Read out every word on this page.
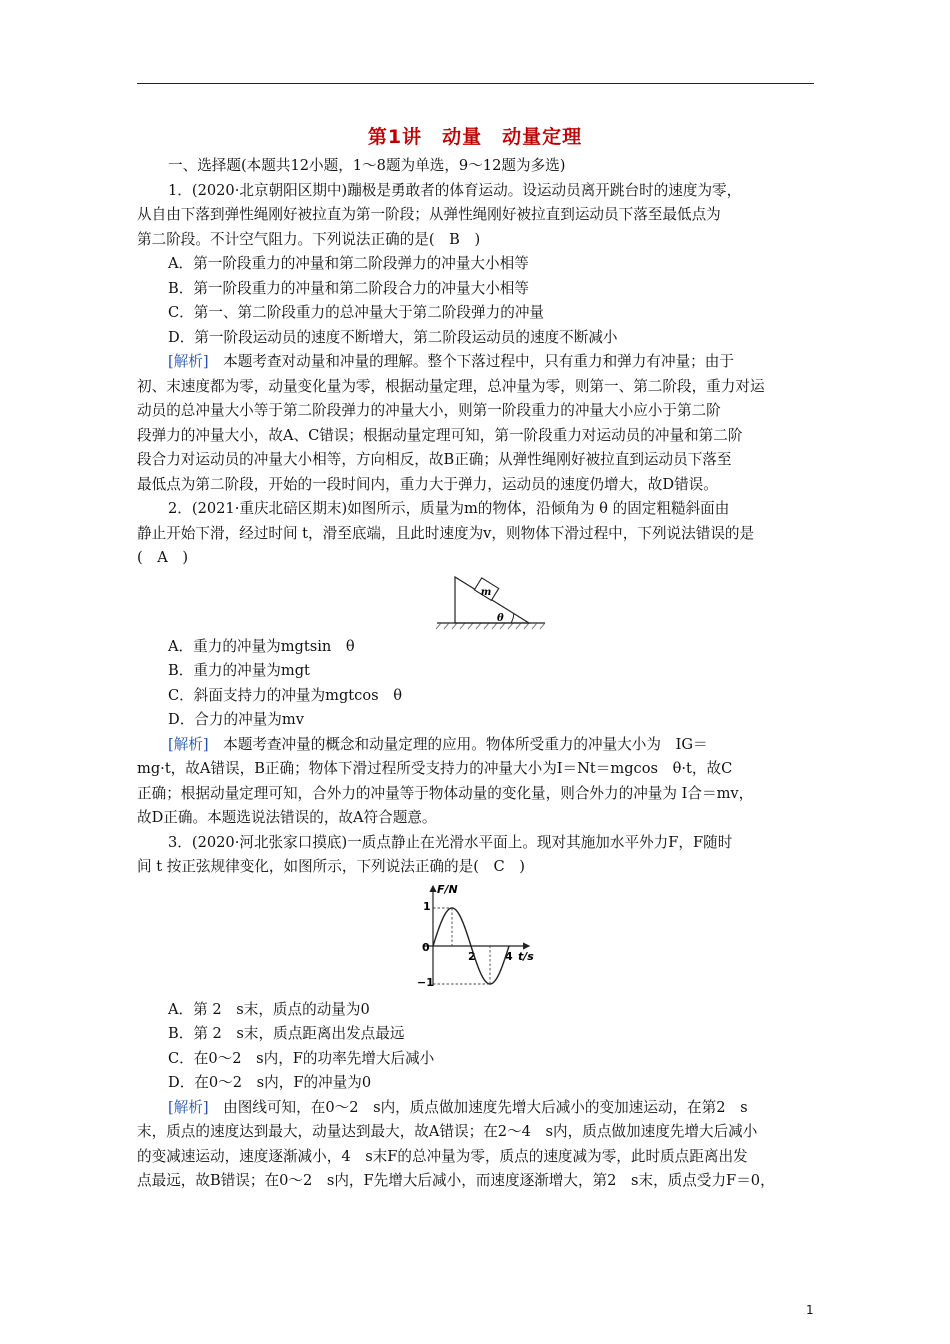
第1讲　动量　动量定理
一、选择题(本题共12小题，1～8题为单选，9～12题为多选)
1．(2020·北京朝阳区期中)蹦极是勇敢者的体育运动。设运动员离开跳台时的速度为零，
从自由下落到弹性绳刚好被拉直为第一阶段；从弹性绳刚好被拉直到运动员下落至最低点为
第二阶段。不计空气阻力。下列说法正确的是(　B　)
A．第一阶段重力的冲量和第二阶段弹力的冲量大小相等
B．第一阶段重力的冲量和第二阶段合力的冲量大小相等
C．第一、第二阶段重力的总冲量大于第二阶段弹力的冲量
D．第一阶段运动员的速度不断增大，第二阶段运动员的速度不断减小
[解析]　本题考查对动量和冲量的理解。整个下落过程中，只有重力和弹力有冲量；由于
初、末速度都为零，动量变化量为零，根据动量定理，总冲量为零，则第一、第二阶段，重力对运
动员的总冲量大小等于第二阶段弹力的冲量大小，则第一阶段重力的冲量大小应小于第二阶
段弹力的冲量大小，故A、C错误；根据动量定理可知，第一阶段重力对运动员的冲量和第二阶
段合力对运动员的冲量大小相等，方向相反，故B正确；从弹性绳刚好被拉直到运动员下落至
最低点为第二阶段，开始的一段时间内，重力大于弹力，运动员的速度仍增大，故D错误。
2．(2021·重庆北碚区期末)如图所示，质量为m的物体，沿倾角为 θ 的固定粗糙斜面由
静止开始下滑，经过时间 t，滑至底端，且此时速度为v，则物体下滑过程中，下列说法错误的是
(　A　)
m
θ
A．重力的冲量为mgtsin　θ
B．重力的冲量为mgt
C．斜面支持力的冲量为mgtcos　θ
D．合力的冲量为mv
[解析]　本题考查冲量的概念和动量定理的应用。物体所受重力的冲量大小为　IG＝
mg·t，故A错误，B正确；物体下滑过程所受支持力的冲量大小为I＝Nt＝mgcos　θ·t，故C
正确；根据动量定理可知，合外力的冲量等于物体动量的变化量，则合外力的冲量为 I合＝mv，
故D正确。本题选说法错误的，故A符合题意。
3．(2020·河北张家口摸底)一质点静止在光滑水平面上。现对其施加水平外力F，F随时
间 t 按正弦规律变化，如图所示，下列说法正确的是(　C　)
F/N
t/s
0
1
−1
2	4
A．第 2　s末，质点的动量为0
B．第 2　s末，质点距离出发点最远
C．在0～2　s内，F的功率先增大后减小
D．在0～2　s内，F的冲量为0
[解析]　由图线可知，在0～2　s内，质点做加速度先增大后减小的变加速运动，在第2　s
末，质点的速度达到最大，动量达到最大，故A错误；在2～4　s内，质点做加速度先增大后减小
的变减速运动，速度逐渐减小，4　s末F的总冲量为零，质点的速度减为零，此时质点距离出发
点最远，故B错误；在0～2　s内，F先增大后减小，而速度逐渐增大，第2　s末，质点受力F＝0，
1
